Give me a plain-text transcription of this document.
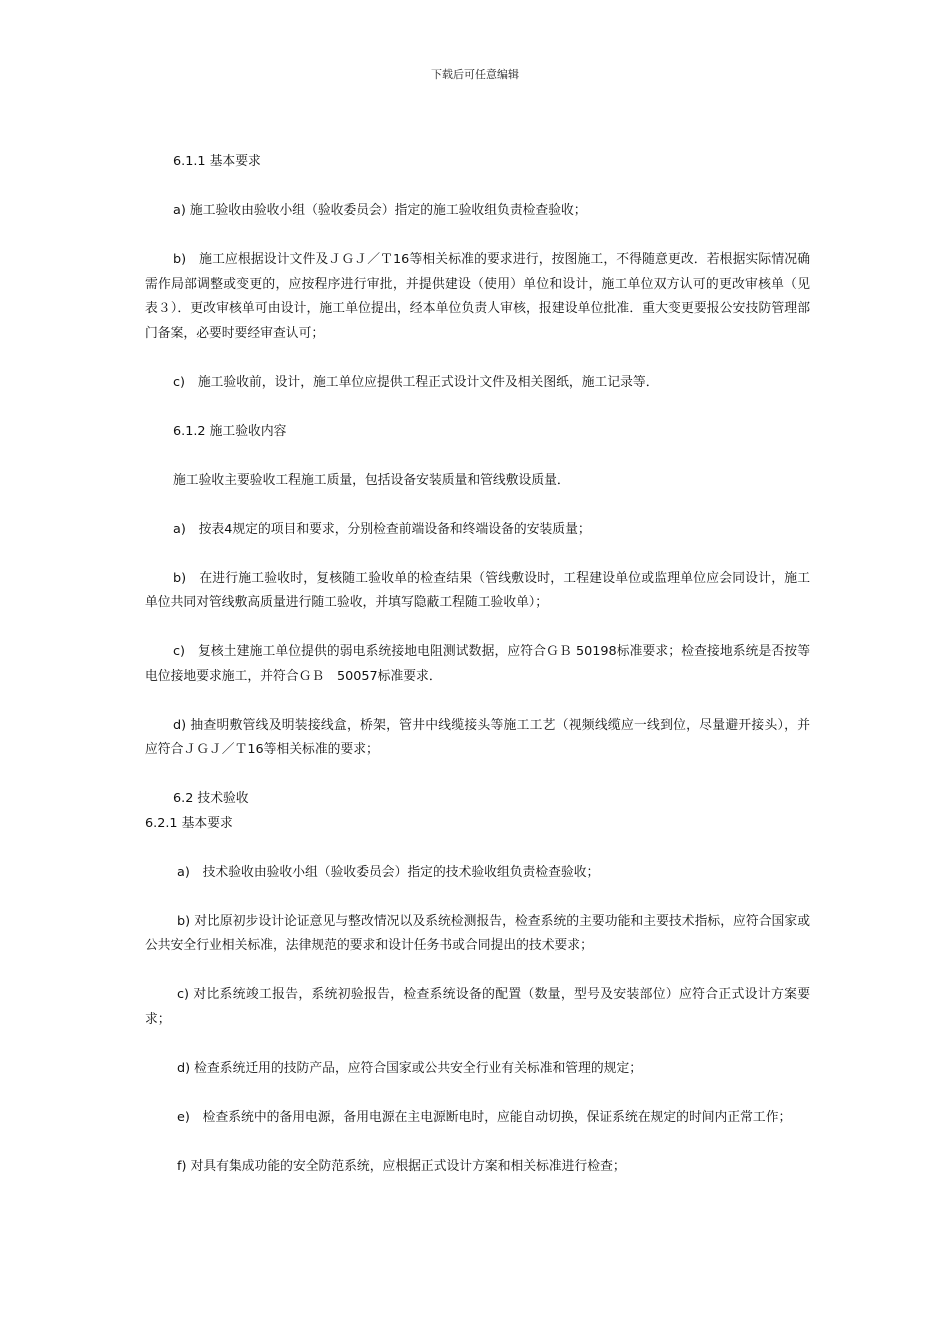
下载后可任意编辑

6.1.1 基本要求

a) 施工验收由验收小组（验收委员会）指定的施工验收组负责检查验收；

b)　施工应根据设计文件及ＪＧＪ／Ｔ16等相关标准的要求进行，按图施工，不得随意更改．若根据实际情况确需作局部调整或变更的，应按程序进行审批，并提供建设（使用）单位和设计，施工单位双方认可的更改审核单（见表３）．更改审核单可由设计，施工单位提出，经本单位负责人审核，报建设单位批准．重大变更要报公安技防管理部门备案，必要时要经审查认可；

c)　施工验收前，设计，施工单位应提供工程正式设计文件及相关图纸，施工记录等．

6.1.2 施工验收内容

施工验收主要验收工程施工质量，包括设备安装质量和管线敷设质量．

a)　按表4规定的项目和要求，分别检查前端设备和终端设备的安装质量；

b)　在进行施工验收时，复核随工验收单的检查结果（管线敷设时，工程建设单位或监理单位应会同设计，施工单位共同对管线敷高质量进行随工验收，并填写隐蔽工程随工验收单）；

c)　复核土建施工单位提供的弱电系统接地电阻测试数据，应符合ＧＢ 50198标准要求；检查接地系统是否按等电位接地要求施工，并符合ＧＢ　50057标准要求．

d) 抽查明敷管线及明装接线盒，桥架，管井中线缆接头等施工工艺（视频线缆应一线到位，尽量避开接头），并应符合ＪＧＪ／Ｔ16等相关标准的要求；

6.2 技术验收

6.2.1 基本要求

a)　技术验收由验收小组（验收委员会）指定的技术验收组负责检查验收；

b) 对比原初步设计论证意见与整改情况以及系统检测报告，检查系统的主要功能和主要技术指标，应符合国家或公共安全行业相关标准，法律规范的要求和设计任务书或合同提出的技术要求；

c) 对比系统竣工报告，系统初验报告，检查系统设备的配置（数量，型号及安装部位）应符合正式设计方案要求；

d) 检查系统迁用的技防产品，应符合国家或公共安全行业有关标准和管理的规定；

e)　检查系统中的备用电源，备用电源在主电源断电时，应能自动切换，保证系统在规定的时间内正常工作；

f) 对具有集成功能的安全防范系统，应根据正式设计方案和相关标准进行检查；
